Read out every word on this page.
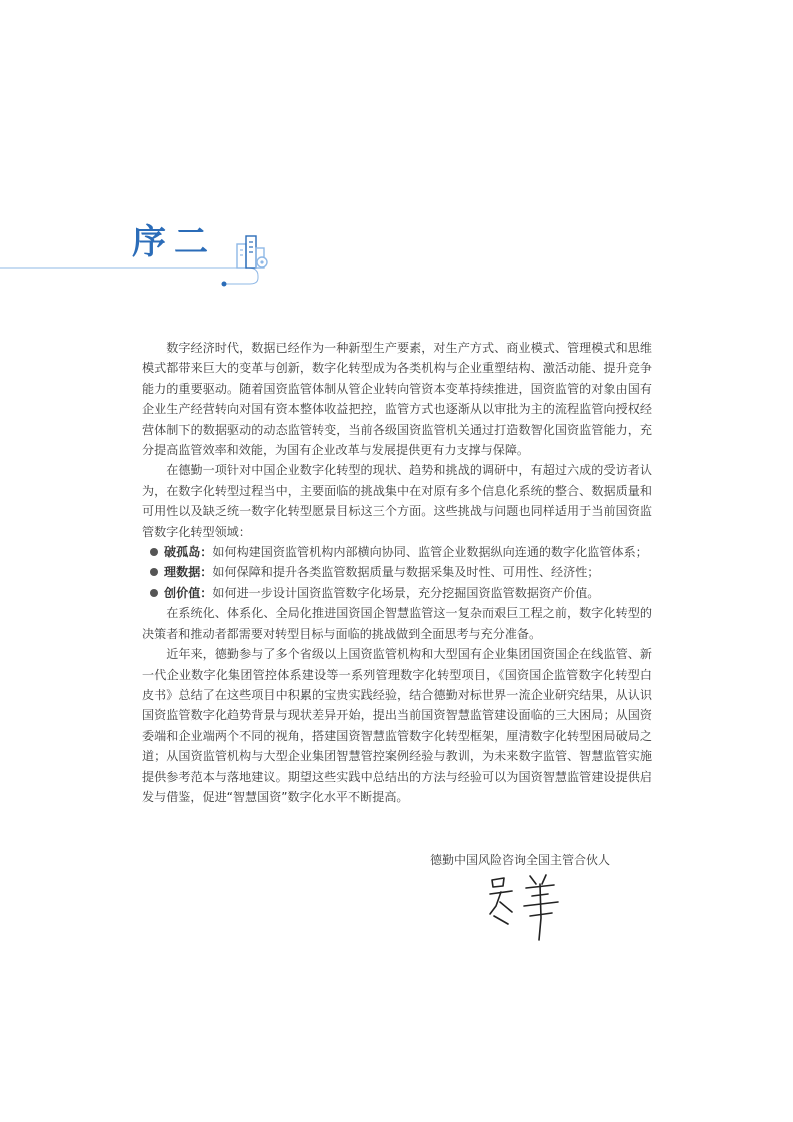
序二

数字经济时代，数据已经作为一种新型生产要素，对生产方式、商业模式、管理模式和思维模式都带来巨大的变革与创新，数字化转型成为各类机构与企业重塑结构、激活动能、提升竞争能力的重要驱动。随着国资监管体制从管企业转向管资本变革持续推进，国资监管的对象由国有企业生产经营转向对国有资本整体收益把控，监管方式也逐渐从以审批为主的流程监管向授权经营体制下的数据驱动的动态监管转变，当前各级国资监管机关通过打造数智化国资监管能力，充分提高监管效率和效能，为国有企业改革与发展提供更有力支撑与保障。

在德勤一项针对中国企业数字化转型的现状、趋势和挑战的调研中，有超过六成的受访者认为，在数字化转型过程当中，主要面临的挑战集中在对原有多个信息化系统的整合、数据质量和可用性以及缺乏统一数字化转型愿景目标这三个方面。这些挑战与问题也同样适用于当前国资监管数字化转型领域：

破孤岛：如何构建国资监管机构内部横向协同、监管企业数据纵向连通的数字化监管体系；
理数据：如何保障和提升各类监管数据质量与数据采集及时性、可用性、经济性；
创价值：如何进一步设计国资监管数字化场景，充分挖掘国资监管数据资产价值。

在系统化、体系化、全局化推进国资国企智慧监管这一复杂而艰巨工程之前，数字化转型的决策者和推动者都需要对转型目标与面临的挑战做到全面思考与充分准备。

近年来，德勤参与了多个省级以上国资监管机构和大型国有企业集团国资国企在线监管、新一代企业数字化集团管控体系建设等一系列管理数字化转型项目，《国资国企监管数字化转型白皮书》总结了在这些项目中积累的宝贵实践经验，结合德勤对标世界一流企业研究结果，从认识国资监管数字化趋势背景与现状差异开始，提出当前国资智慧监管建设面临的三大困局；从国资委端和企业端两个不同的视角，搭建国资智慧监管数字化转型框架，厘清数字化转型困局破局之道；从国资监管机构与大型企业集团智慧管控案例经验与教训，为未来数字监管、智慧监管实施提供参考范本与落地建议。期望这些实践中总结出的方法与经验可以为国资智慧监管建设提供启发与借鉴，促进“智慧国资”数字化水平不断提高。

德勤中国风险咨询全国主管合伙人
